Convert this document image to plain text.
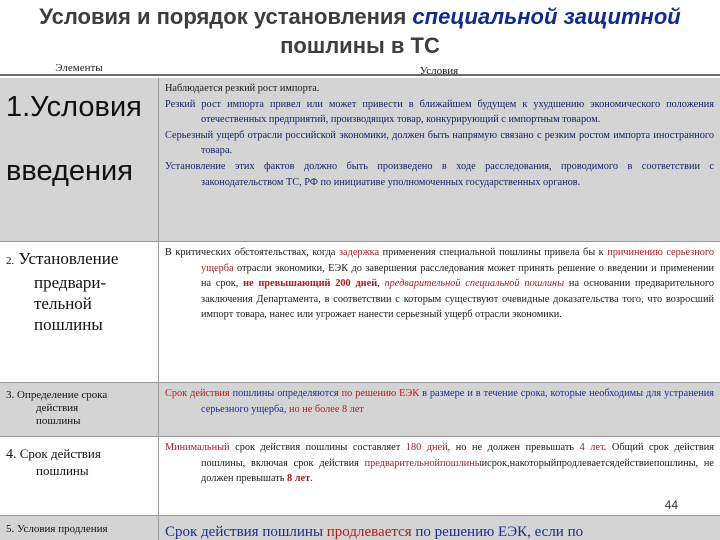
Условия и порядок установления специальной защитной
пошлины в ТС
Элементы	Условия
1.Условия
введения

Наблюдается резкий рост импорта.

Резкий рост импорта привел или может привести в ближайшем будущем к ухудшению экономического положения отечественных предприятий, производящих товар, конкурирующий с импортным товаром.

Серьезный ущерб отрасли российской экономики, должен быть напрямую связано с резким ростом импорта иностранного товара.

Установление этих фактов должно быть произведено в ходе расследования, проводимого в соответствии с законодательством ТС, РФ по инициативе уполномоченных государственных органов.

2. Установление
предвари-
тельной
пошлины

В критических обстоятельствах, когда задержка применения специальной пошлины привела бы к причинению серьезного ущерба отрасли экономики, ЕЭК до завершения расследования может принять решение о введении и применении на срок, не превышающий 200 дней, предварительной специальной пошлины на основании предварительного заключения Департамента, в соответствии с которым существуют очевидные доказательства того, что возросший импорт товара, нанес или угрожает нанести серьезный ущерб отрасли экономики.

3. Определение срока
действия
пошлины

Срок действия пошлины определяются по решению ЕЭК в размере и в течение срока, которые необходимы для устранения серьезного ущерба, но не более 8 лет

4. Срок действия
пошлины

Минимальный срок действия пошлины составляет 180 дней, но не должен превышать 4 лет. Общий срок действия пошлины, включая срок действия предварительнойпошлиныисрок,накоторыйпродлеваетсядействиепошлины, не должен превышать 8 лет.

5. Условия продления	Срок действия пошлины продлевается по решению ЕЭК, если по

44
